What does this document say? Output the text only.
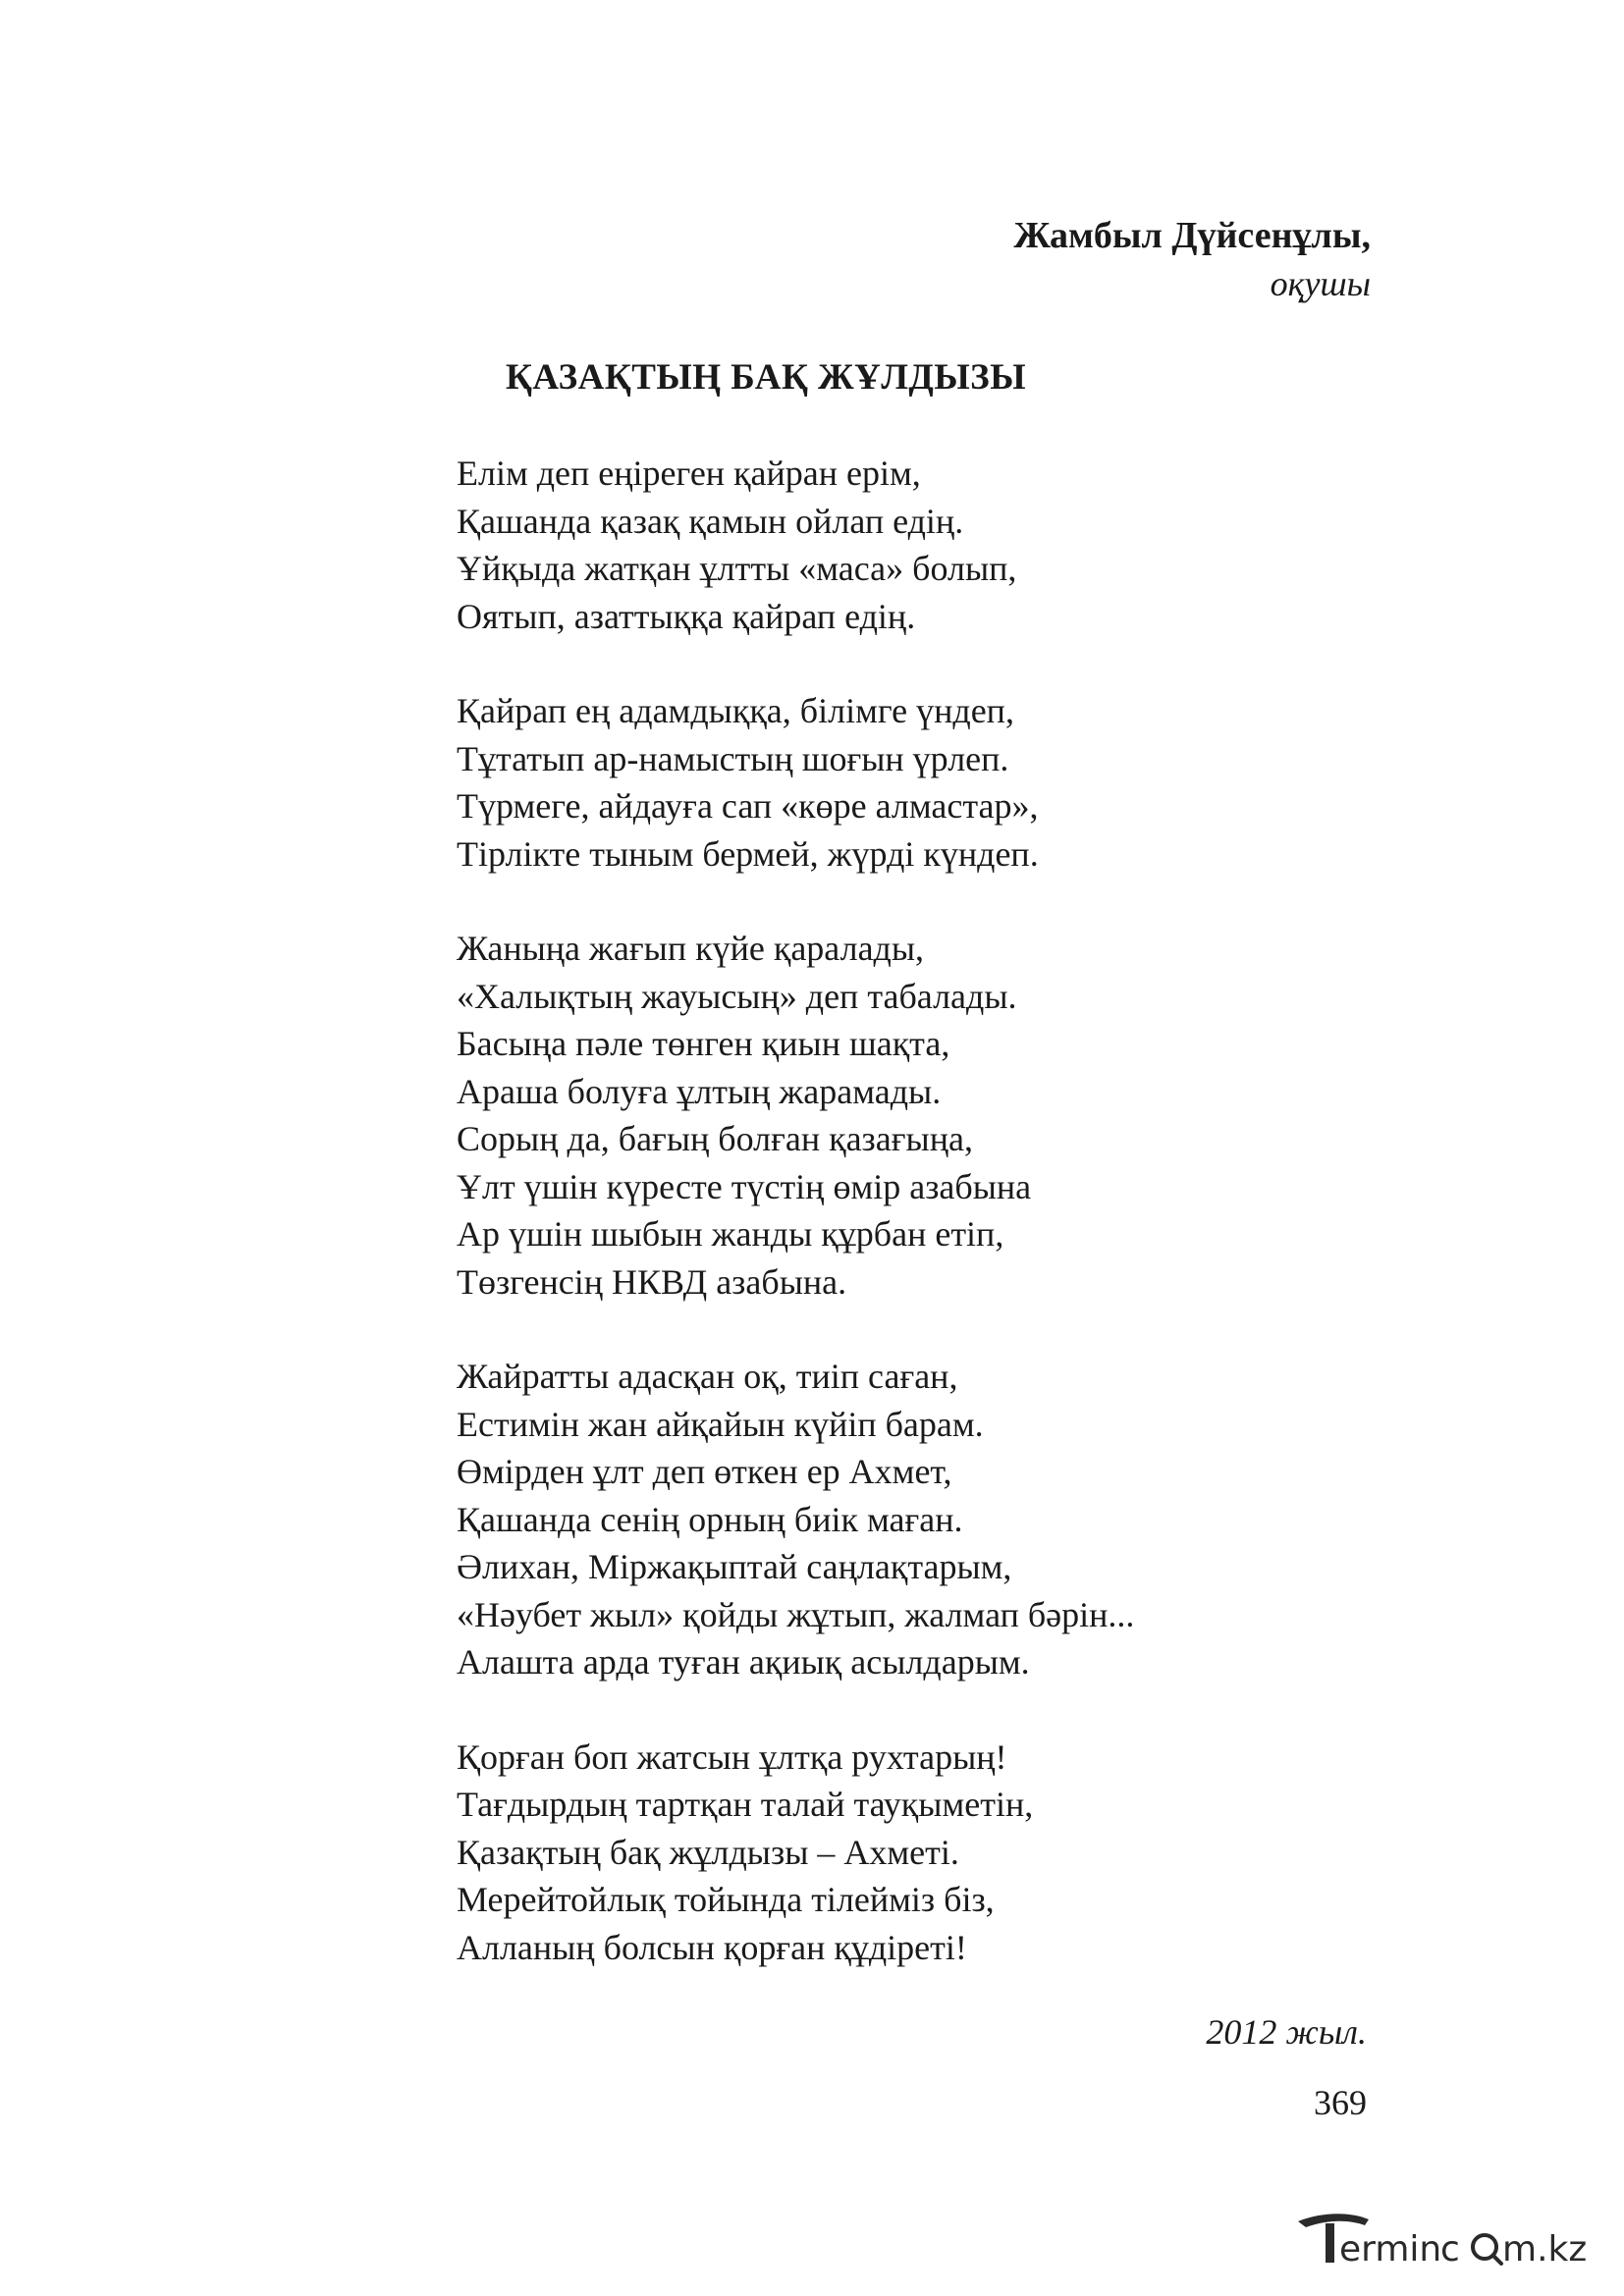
Жамбыл Дүйсенұлы,
оқушы
ҚАЗАҚТЫҢ БАҚ ЖҰЛДЫЗЫ
Елім деп еңіреген қайран ерім,
Қашанда қазақ қамын ойлап едің.
Ұйқыда жатқан ұлтты «маса» болып,
Оятып, азаттыққа қайрап едің.
Қайрап ең адамдыққа, білімге үндеп,
Тұтатып ар-намыстың шоғын үрлеп.
Түрмеге, айдауға сап «көре алмастар»,
Тірлікте тыным бермей, жүрді күндеп.
Жаныңа жағып күйе қаралады,
«Халықтың жауысың» деп табалады.
Басыңа пәле төнген қиын шақта,
Араша болуға ұлтың жарамады.
Сорың да, бағың болған қазағыңа,
Ұлт үшін күресте түстің өмір азабына
Ар үшін шыбын жанды құрбан етіп,
Төзгенсің НКВД азабына.
Жайратты адасқан оқ, тиіп саған,
Естимін жан айқайын күйіп барам.
Өмірден ұлт деп өткен ер Ахмет,
Қашанда сенің орның биік маған.
Әлихан, Міржақыптай саңлақтарым,
«Нәубет жыл» қойды жұтып, жалмап бәрін...
Алашта арда туған ақиық асылдарым.
Қорған боп жатсын ұлтқа рухтарың!
Тағдырдың тартқан талай тауқыметін,
Қазақтың бақ жұлдызы – Ахметі.
Мерейтойлық тойында тілейміз біз,
Алланың болсын қорған құдіреті!
2012 жыл.
369
ermin
c m.kz
